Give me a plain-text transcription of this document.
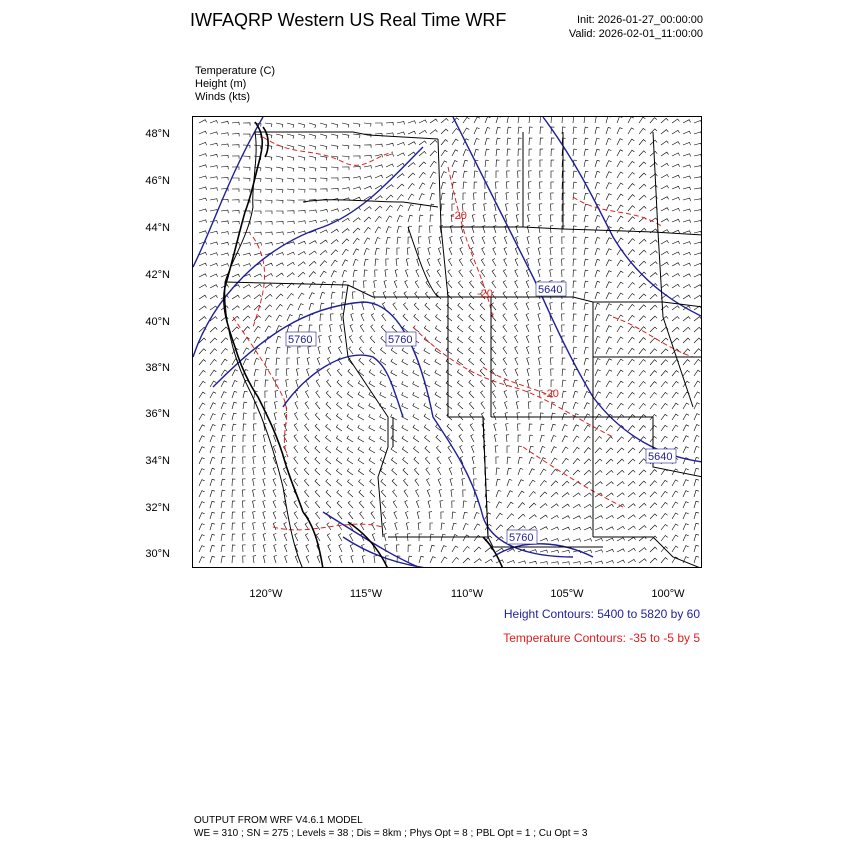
IWFAQRP Western US Real Time WRF	Init: 2026-01-27_00:00:00
Valid: 2026-02-01_11:00:00
Temperature (C)
Height (m)
Winds (kts)
5760	5760
5640
5640
5760
-20
-20
-20
48°N
46°N
44°N
42°N
40°N
38°N
36°N
34°N
32°N
30°N
120°W	115°W	110°W	105°W	100°W
Height Contours: 5400 to 5820 by 60
Temperature Contours: -35 to -5 by 5
OUTPUT FROM WRF V4.6.1 MODEL
WE = 310 ; SN = 275 ; Levels = 38 ; Dis = 8km ; Phys Opt = 8 ; PBL Opt = 1 ; Cu Opt = 3
